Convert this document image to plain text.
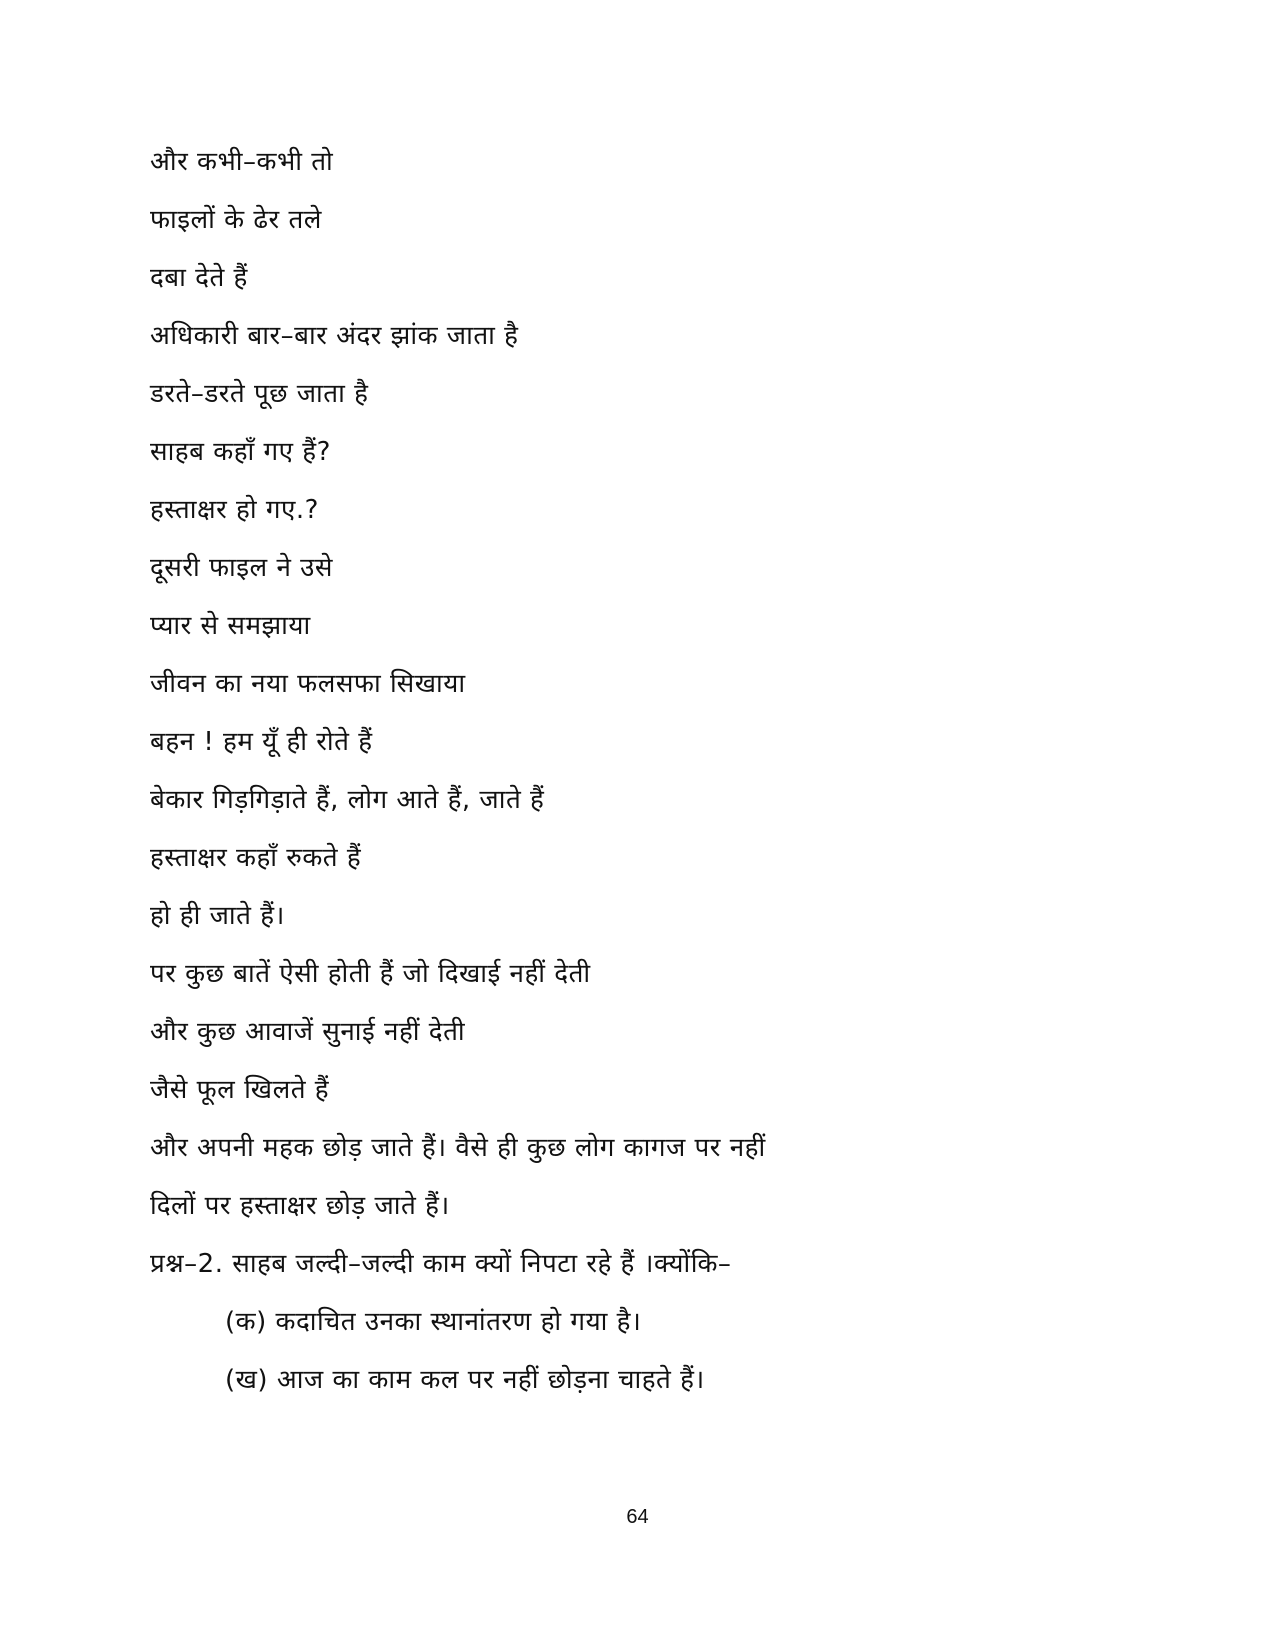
और कभी–कभी तो
फाइलों के ढेर तले
दबा देते हैं
अधिकारी बार–बार अंदर झांक जाता है
डरते–डरते पूछ जाता है
साहब कहाँ गए हैं?
हस्ताक्षर हो गए.?
दूसरी फाइल ने उसे
प्यार से समझाया
जीवन का नया फलसफा सिखाया
बहन ! हम यूँ ही रोते हैं
बेकार गिड़गिड़ाते हैं, लोग आते हैं, जाते हैं
हस्ताक्षर कहाँ रुकते हैं
हो ही जाते हैं।
पर कुछ बातें ऐसी होती हैं जो दिखाई नहीं देती
और कुछ आवाजें सुनाई नहीं देती
जैसे फूल खिलते हैं
और अपनी महक छोड़ जाते हैं। वैसे ही कुछ लोग कागज पर नहीं
दिलों पर हस्ताक्षर छोड़ जाते हैं।
प्रश्न–2. साहब जल्दी–जल्दी काम क्यों निपटा रहे हैं ।क्योंकि–
(क) कदाचित उनका स्थानांतरण हो गया है।
(ख) आज का काम कल पर नहीं छोड़ना चाहते हैं।
64
